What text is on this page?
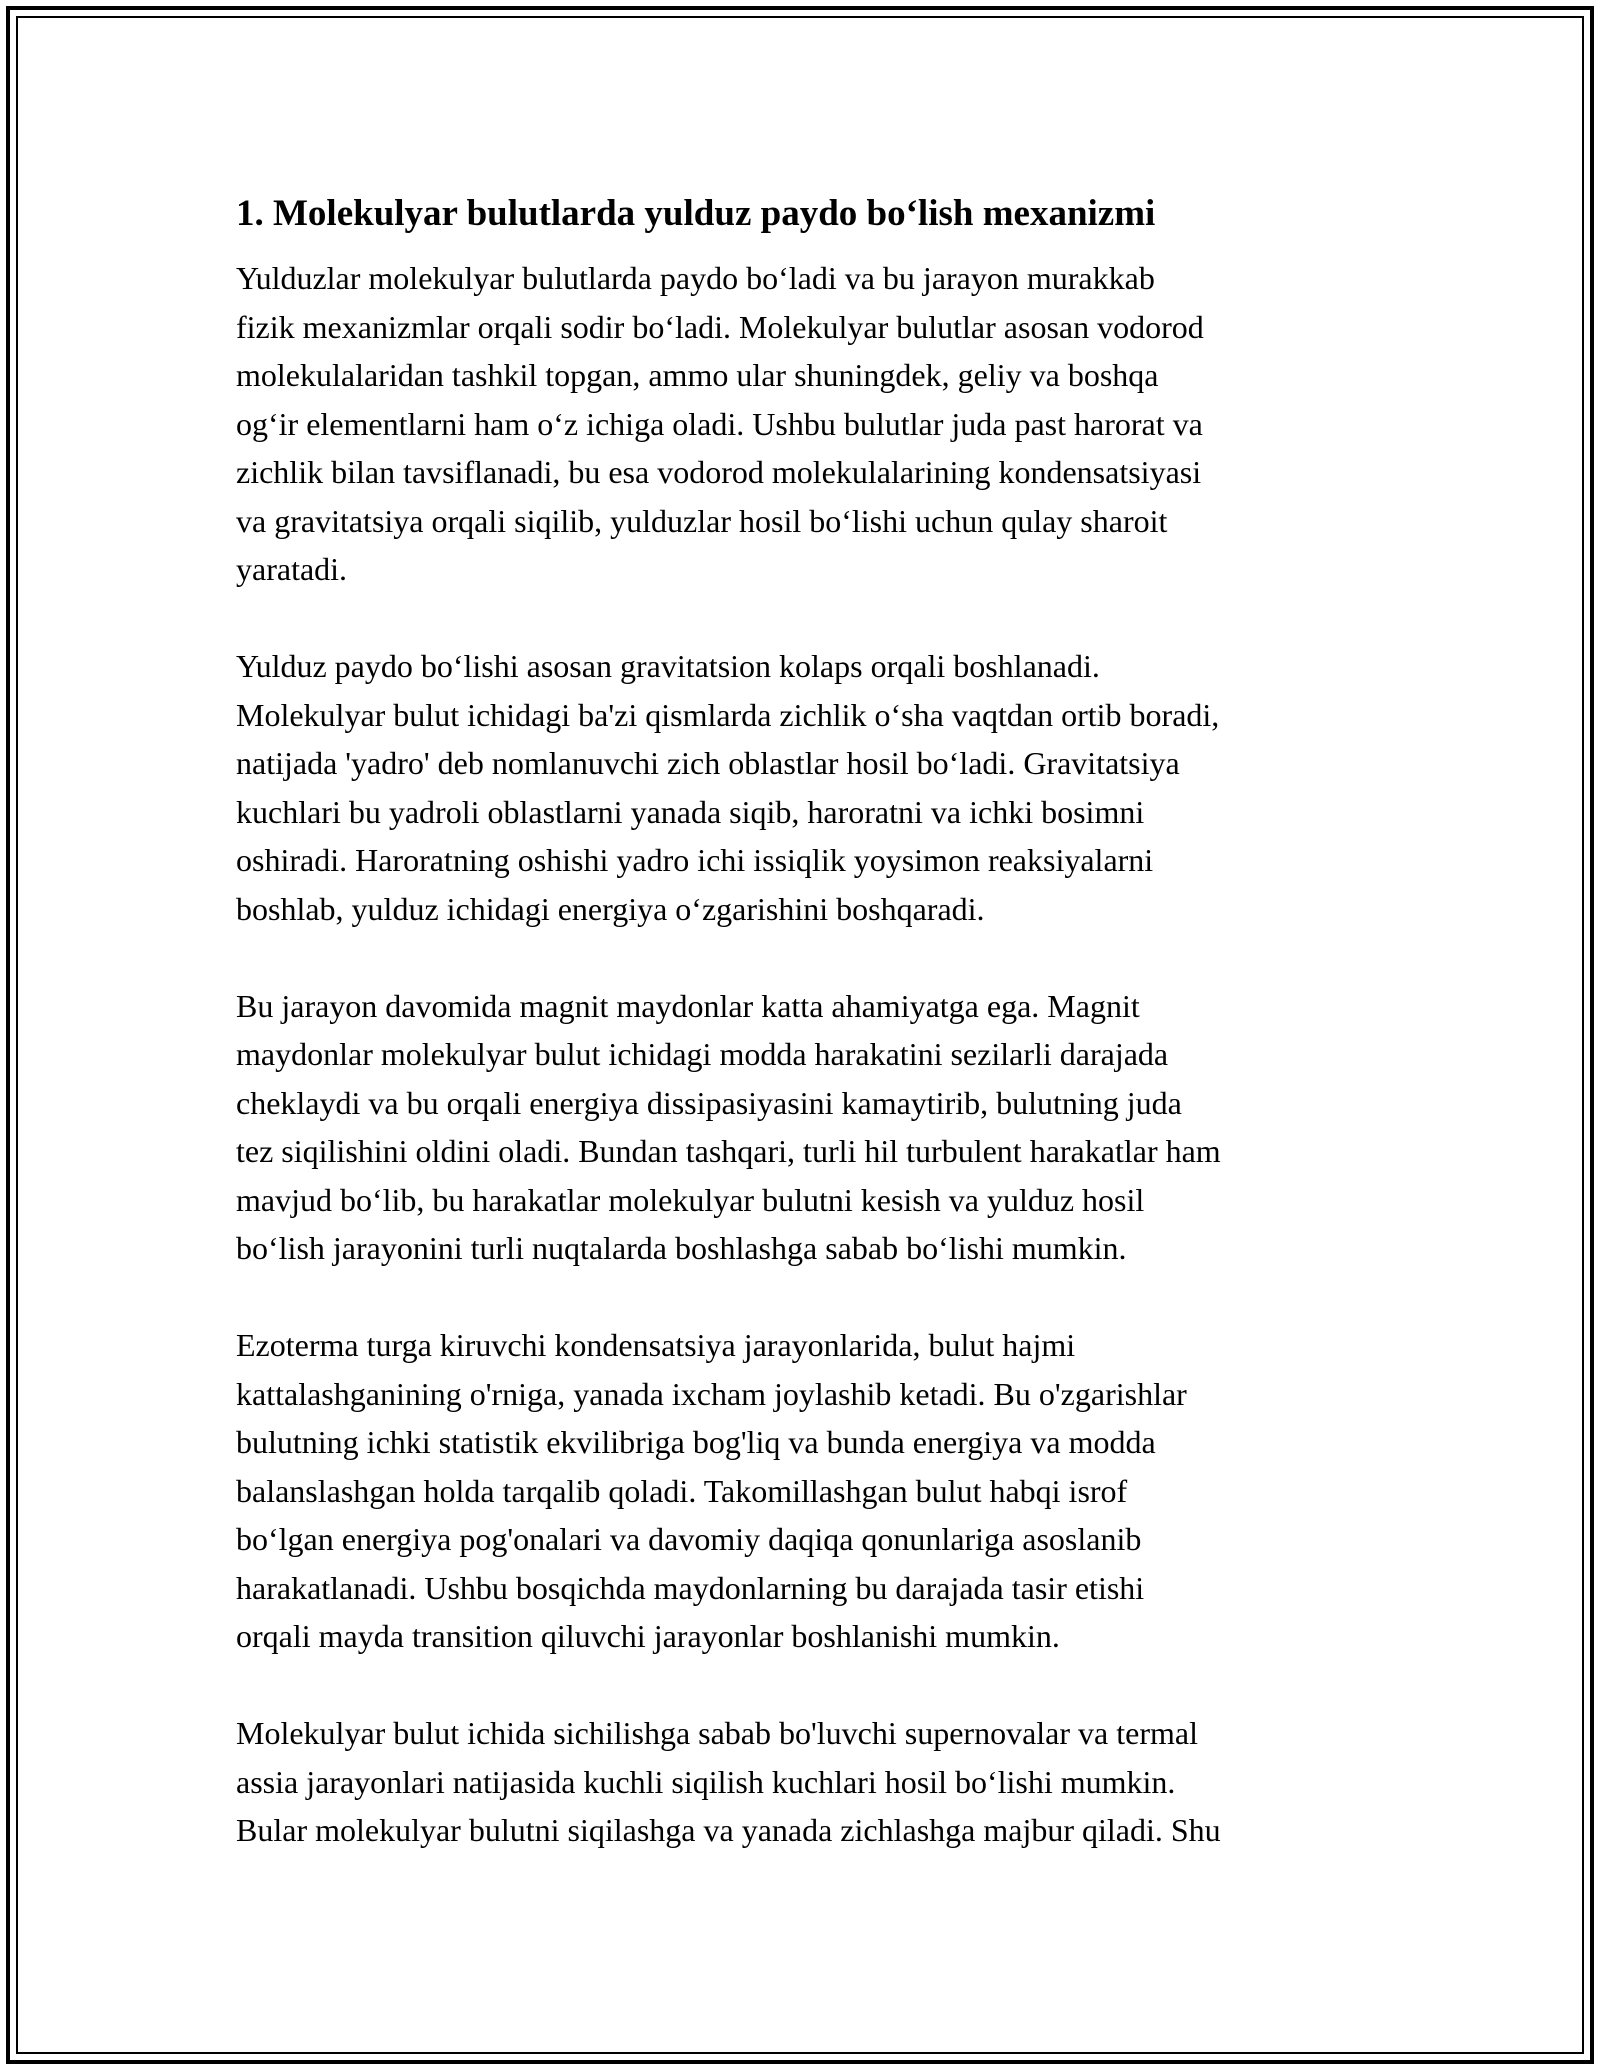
1. Molekulyar bulutlarda yulduz paydo bo‘lish mexanizmi

Yulduzlar molekulyar bulutlarda paydo bo‘ladi va bu jarayon murakkab
fizik mexanizmlar orqali sodir bo‘ladi. Molekulyar bulutlar asosan vodorod
molekulalaridan tashkil topgan, ammo ular shuningdek, geliy va boshqa
og‘ir elementlarni ham o‘z ichiga oladi. Ushbu bulutlar juda past harorat va
zichlik bilan tavsiflanadi, bu esa vodorod molekulalarining kondensatsiyasi
va gravitatsiya orqali siqilib, yulduzlar hosil bo‘lishi uchun qulay sharoit
yaratadi.

Yulduz paydo bo‘lishi asosan gravitatsion kolaps orqali boshlanadi.
Molekulyar bulut ichidagi ba'zi qismlarda zichlik o‘sha vaqtdan ortib boradi,
natijada 'yadro' deb nomlanuvchi zich oblastlar hosil bo‘ladi. Gravitatsiya
kuchlari bu yadroli oblastlarni yanada siqib, haroratni va ichki bosimni
oshiradi. Haroratning oshishi yadro ichi issiqlik yoysimon reaksiyalarni
boshlab, yulduz ichidagi energiya o‘zgarishini boshqaradi.

Bu jarayon davomida magnit maydonlar katta ahamiyatga ega. Magnit
maydonlar molekulyar bulut ichidagi modda harakatini sezilarli darajada
cheklaydi va bu orqali energiya dissipasiyasini kamaytirib, bulutning juda
tez siqilishini oldini oladi. Bundan tashqari, turli hil turbulent harakatlar ham
mavjud bo‘lib, bu harakatlar molekulyar bulutni kesish va yulduz hosil
bo‘lish jarayonini turli nuqtalarda boshlashga sabab bo‘lishi mumkin.

Ezoterma turga kiruvchi kondensatsiya jarayonlarida, bulut hajmi
kattalashganining o'rniga, yanada ixcham joylashib ketadi. Bu o'zgarishlar
bulutning ichki statistik ekvilibriga bog'liq va bunda energiya va modda
balanslashgan holda tarqalib qoladi. Takomillashgan bulut habqi isrof
bo‘lgan energiya pog'onalari va davomiy daqiqa qonunlariga asoslanib
harakatlanadi. Ushbu bosqichda maydonlarning bu darajada tasir etishi
orqali mayda transition qiluvchi jarayonlar boshlanishi mumkin.

Molekulyar bulut ichida sichilishga sabab bo'luvchi supernovalar va termal
assia jarayonlari natijasida kuchli siqilish kuchlari hosil bo‘lishi mumkin.
Bular molekulyar bulutni siqilashga va yanada zichlashga majbur qiladi. Shu
